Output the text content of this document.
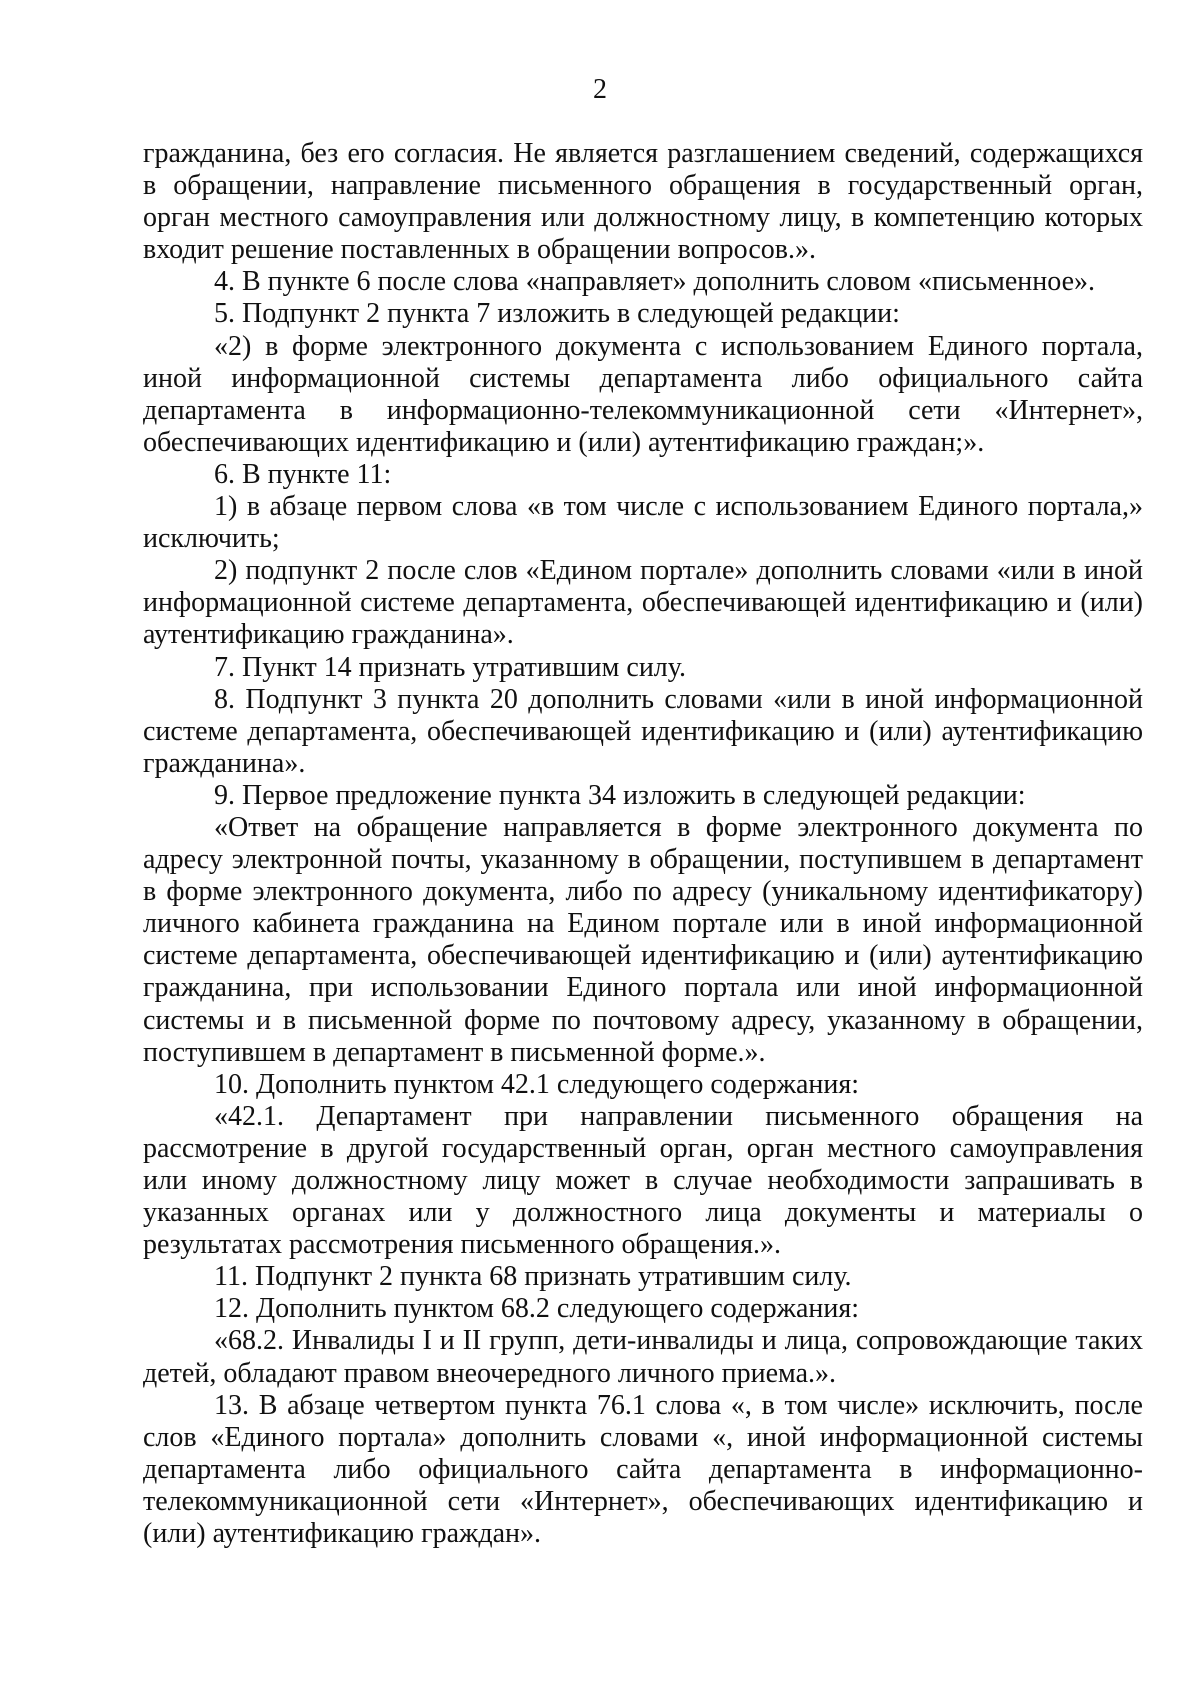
2

гражданина, без его согласия. Не является разглашением сведений, содержащихся в обращении, направление письменного обращения в государственный орган, орган местного самоуправления или должностному лицу, в компетенцию которых входит решение поставленных в обращении вопросов.».

4. В пункте 6 после слова «направляет» дополнить словом «письменное».

5. Подпункт 2 пункта 7 изложить в следующей редакции:

«2) в форме электронного документа с использованием Единого портала, иной информационной системы департамента либо официального сайта департамента в информационно-телекоммуникационной сети «Интернет», обеспечивающих идентификацию и (или) аутентификацию граждан;».

6. В пункте 11:

1) в абзаце первом слова «в том числе с использованием Единого портала,» исключить;

2) подпункт 2 после слов «Едином портале» дополнить словами «или в иной информационной системе департамента, обеспечивающей идентификацию и (или) аутентификацию гражданина».

7. Пункт 14 признать утратившим силу.

8. Подпункт 3 пункта 20 дополнить словами «или в иной информационной системе департамента, обеспечивающей идентификацию и (или) аутентификацию гражданина».

9. Первое предложение пункта 34 изложить в следующей редакции:

«Ответ на обращение направляется в форме электронного документа по адресу электронной почты, указанному в обращении, поступившем в департамент в форме электронного документа, либо по адресу (уникальному идентификатору) личного кабинета гражданина на Едином портале или в иной информационной системе департамента, обеспечивающей идентификацию и (или) аутентификацию гражданина, при использовании Единого портала или иной информационной системы и в письменной форме по почтовому адресу, указанному в обращении, поступившем в департамент в письменной форме.».

10. Дополнить пунктом 42.1 следующего содержания:

«42.1. Департамент при направлении письменного обращения на рассмотрение в другой государственный орган, орган местного самоуправления или иному должностному лицу может в случае необходимости запрашивать в указанных органах или у должностного лица документы и материалы о результатах рассмотрения письменного обращения.».

11. Подпункт 2 пункта 68 признать утратившим силу.

12. Дополнить пунктом 68.2 следующего содержания:

«68.2. Инвалиды I и II групп, дети-инвалиды и лица, сопровождающие таких детей, обладают правом внеочередного личного приема.».

13. В абзаце четвертом пункта 76.1 слова «, в том числе» исключить, после слов «Единого портала» дополнить словами «, иной информационной системы департамента либо официального сайта департамента в информационно-телекоммуникационной сети «Интернет», обеспечивающих идентификацию и (или) аутентификацию граждан».
